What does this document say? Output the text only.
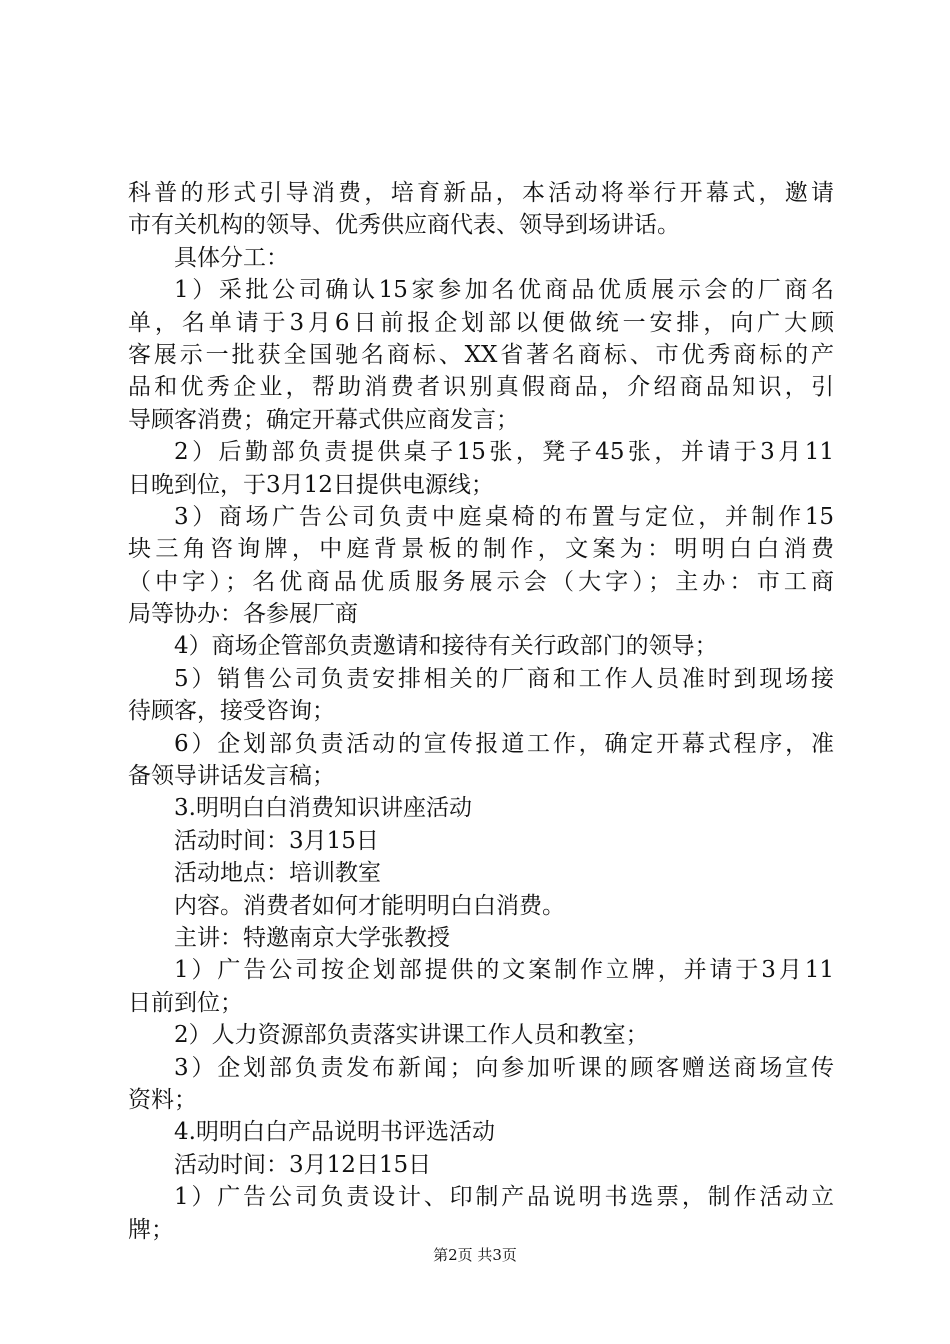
科普的形式引导消费，培育新品，本活动将举行开幕式，邀请
市有关机构的领导、优秀供应商代表、领导到场讲话。
具体分工：
1）采批公司确认15家参加名优商品优质展示会的厂商名
单，名单请于3月6日前报企划部以便做统一安排，向广大顾
客展示一批获全国驰名商标、XX省著名商标、市优秀商标的产
品和优秀企业，帮助消费者识别真假商品，介绍商品知识，引
导顾客消费；确定开幕式供应商发言；
2）后勤部负责提供桌子15张，凳子45张，并请于3月11
日晚到位，于3月12日提供电源线；
3）商场广告公司负责中庭桌椅的布置与定位，并制作15
块三角咨询牌，中庭背景板的制作，文案为：明明白白消费
（中字）；名优商品优质服务展示会（大字）；主办：市工商
局等协办：各参展厂商
4）商场企管部负责邀请和接待有关行政部门的领导；
5）销售公司负责安排相关的厂商和工作人员准时到现场接
待顾客，接受咨询；
6）企划部负责活动的宣传报道工作，确定开幕式程序，准
备领导讲话发言稿；
3.明明白白消费知识讲座活动
活动时间：3月15日
活动地点：培训教室
内容。消费者如何才能明明白白消费。
主讲：特邀南京大学张教授
1）广告公司按企划部提供的文案制作立牌，并请于3月11
日前到位；
2）人力资源部负责落实讲课工作人员和教室；
3）企划部负责发布新闻；向参加听课的顾客赠送商场宣传
资料；
4.明明白白产品说明书评选活动
活动时间：3月12日15日
1）广告公司负责设计、印制产品说明书选票，制作活动立
牌；
第2页 共3页
